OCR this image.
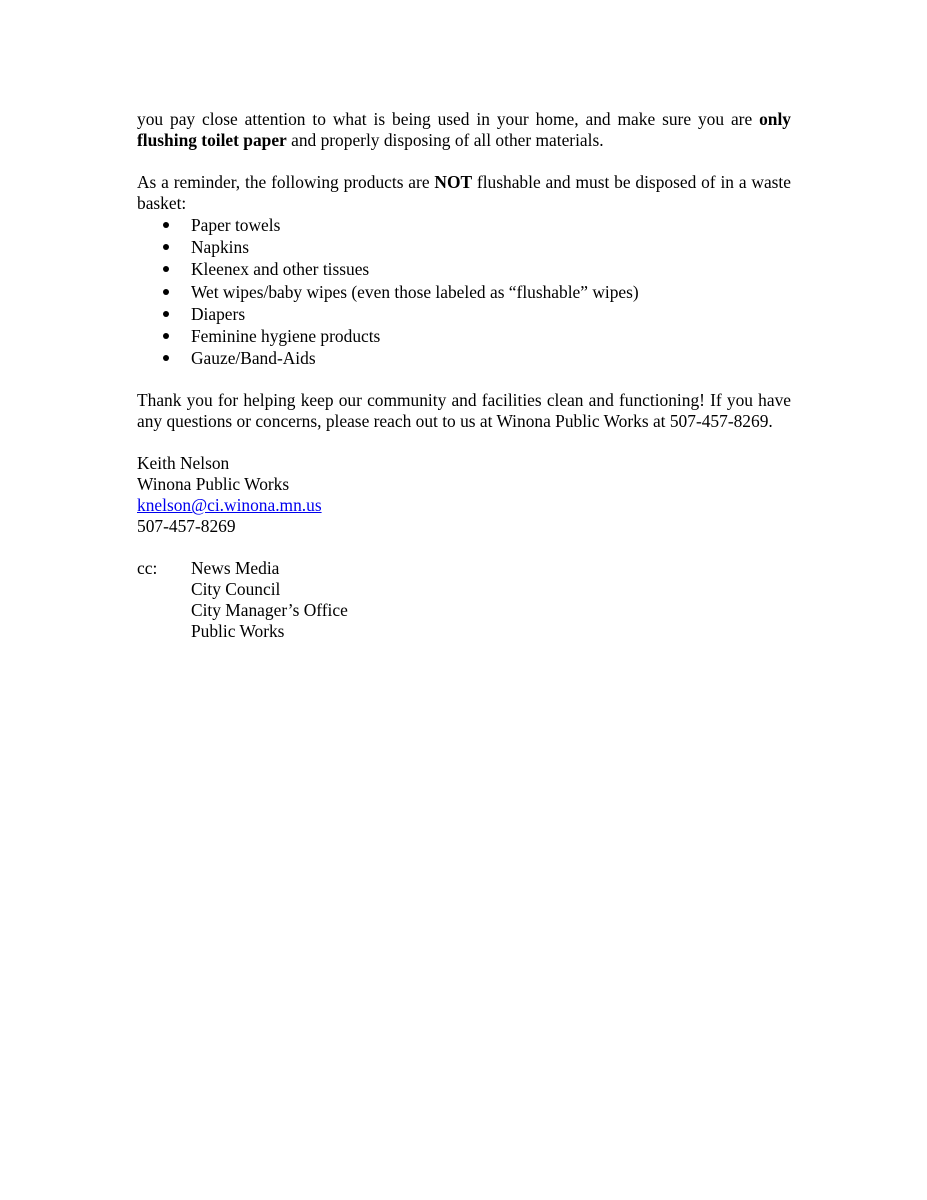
you pay close attention to what is being used in your home, and make sure you are only flushing toilet paper and properly disposing of all other materials.

As a reminder, the following products are NOT flushable and must be disposed of in a waste basket:

Paper towels
Napkins
Kleenex and other tissues
Wet wipes/baby wipes (even those labeled as “flushable” wipes)
Diapers
Feminine hygiene products
Gauze/Band-Aids

Thank you for helping keep our community and facilities clean and functioning! If you have any questions or concerns, please reach out to us at Winona Public Works at 507-457-8269.

Keith Nelson
Winona Public Works
knelson@ci.winona.mn.us
507-457-8269
cc: News Media
City Council
City Manager’s Office
Public Works
